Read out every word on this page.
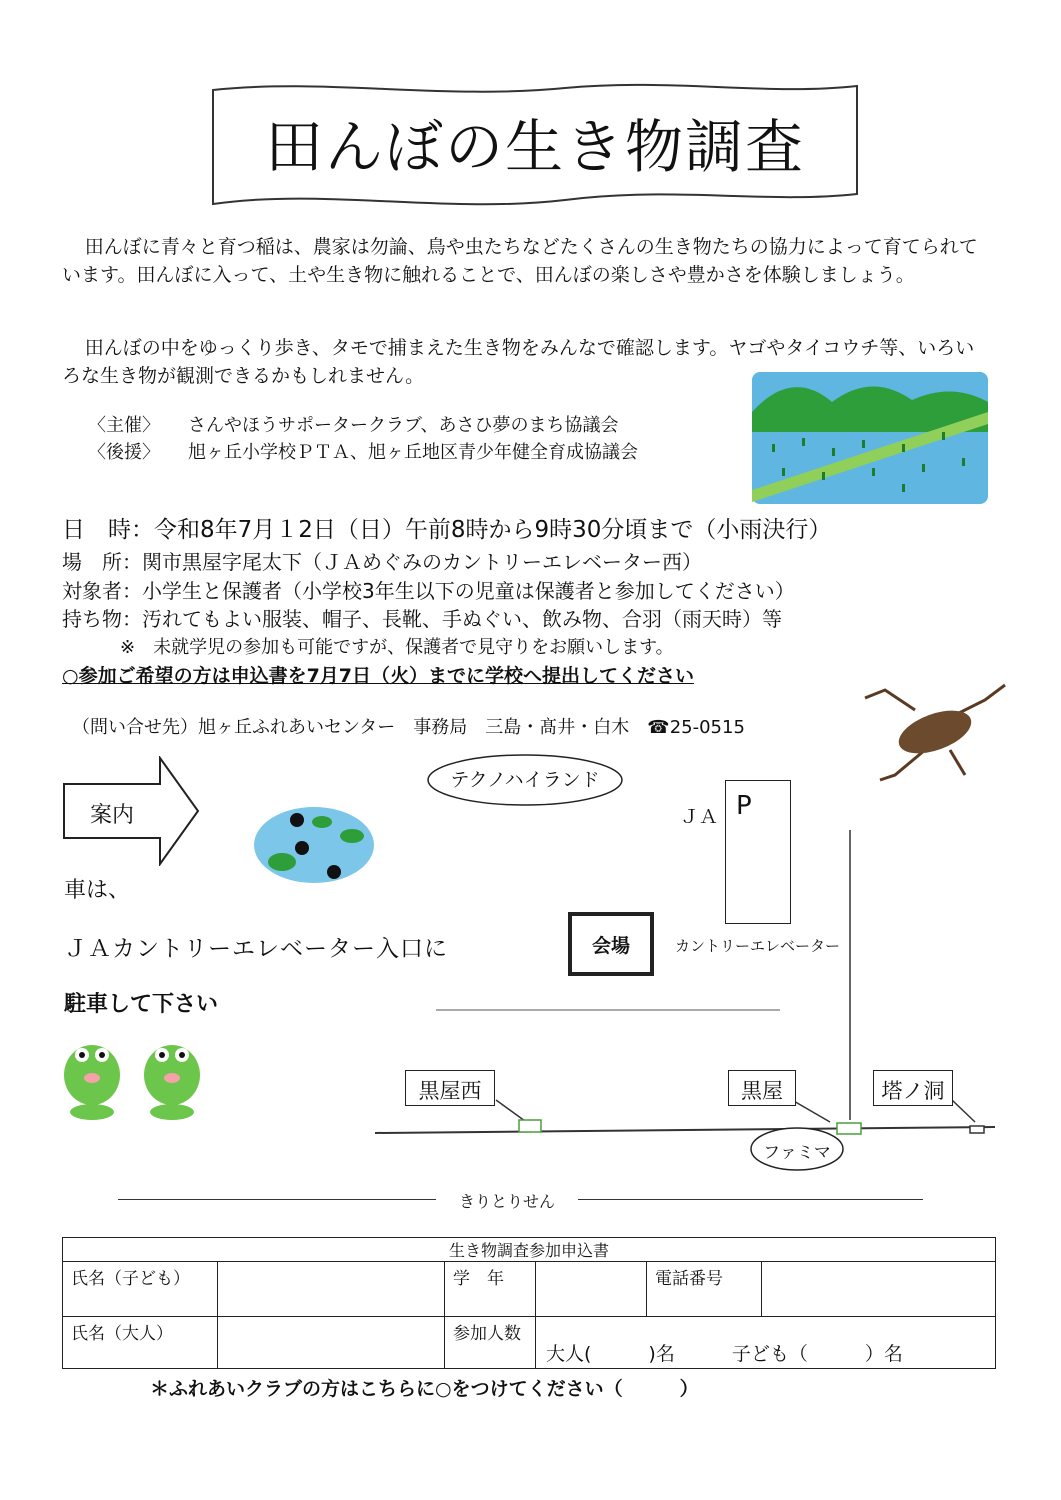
田んぼの生き物調査
田んぼに青々と育つ稲は、農家は勿論、鳥や虫たちなどたくさんの生き物たちの協力によって育てられています。田んぼに入って、土や生き物に触れることで、田んぼの楽しさや豊かさを体験しましょう。
田んぼの中をゆっくり歩き、タモで捕まえた生き物をみんなで確認します。ヤゴやタイコウチ等、いろいろな生き物が観測できるかもしれません。
〈主催〉 さんやほうサポータークラブ、あさひ夢のまち協議会
〈後援〉 旭ヶ丘小学校ＰＴＡ、旭ヶ丘地区青少年健全育成協議会
日　時：令和8年7月１2日（日）午前8時から9時30分頃まで（小雨決行）
場　所：関市黒屋字尾太下（ＪＡめぐみのカントリーエレベーター西）
対象者：小学生と保護者（小学校3年生以下の児童は保護者と参加してください）
持ち物：汚れてもよい服装、帽子、長靴、手ぬぐい、飲み物、合羽（雨天時）等
※　未就学児の参加も可能ですが、保護者で見守りをお願いします。
○参加ご希望の方は申込書を7月7日（火）までに学校へ提出してください
（問い合せ先）旭ヶ丘ふれあいセンター　事務局　三島・髙井・白木　☎25-0515
案内
車は、
ＪＡカントリーエレベーター入口に
駐車して下さい
テクノハイランド
ＪＡ P
会場	カントリーエレベーター
黒屋西	黒屋	塔ノ洞
ファミマ
きりとりせん
生き物調査参加申込書					
氏名（子ども）		学　年		電話番号	
氏名（大人）		参加人数	大人(　　　)名　　　子ども（　　　）名		
＊ふれあいクラブの方はこちらに○をつけてください（　　　）
